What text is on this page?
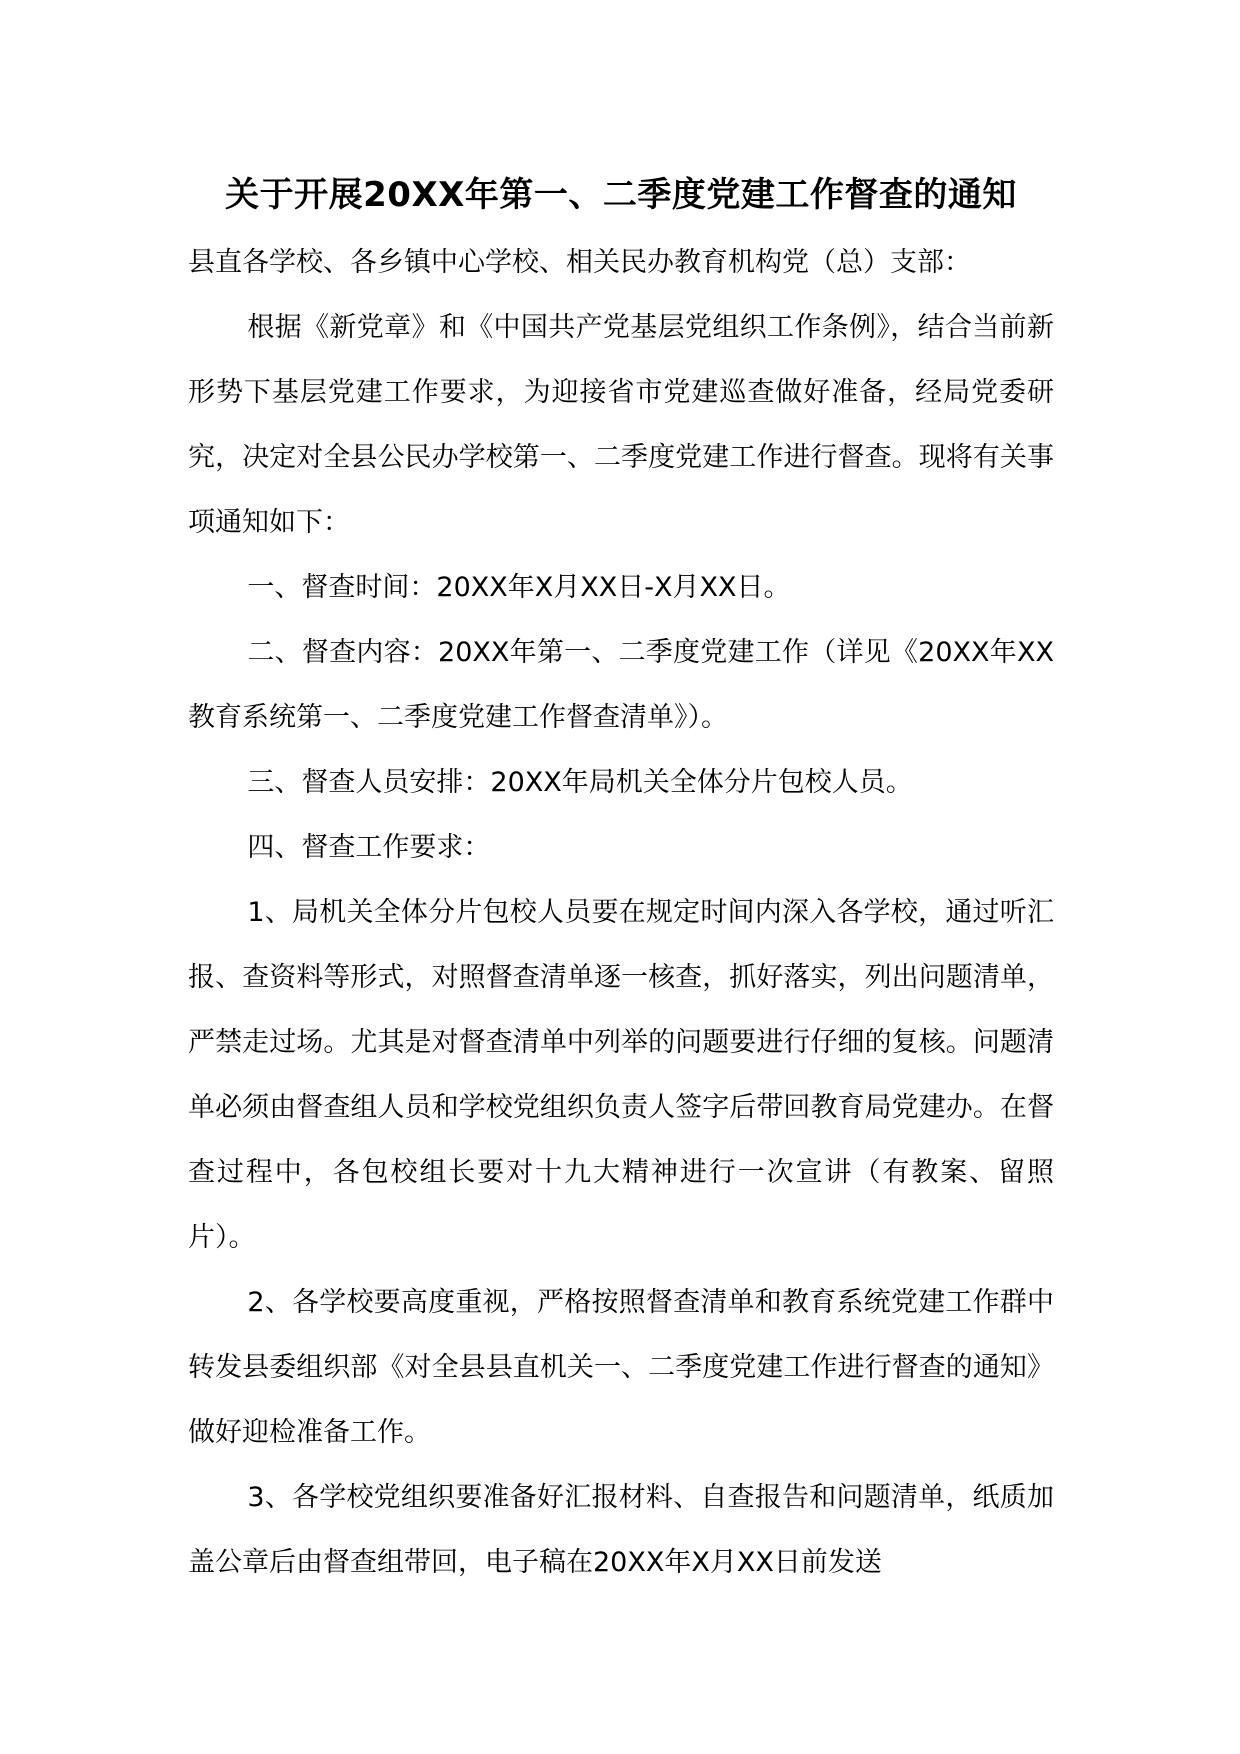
关于开展20XX年第一、二季度党建工作督查的通知

县直各学校、各乡镇中心学校、相关民办教育机构党（总）支部：

根据《新党章》和《中国共产党基层党组织工作条例》，结合当前新形势下基层党建工作要求，为迎接省市党建巡查做好准备，经局党委研究，决定对全县公民办学校第一、二季度党建工作进行督查。现将有关事项通知如下：

一、督查时间：20XX年X月XX日-X月XX日。

二、督查内容：20XX年第一、二季度党建工作（详见《20XX年XX教育系统第一、二季度党建工作督查清单》）。

三、督查人员安排：20XX年局机关全体分片包校人员。

四、督查工作要求：

1、局机关全体分片包校人员要在规定时间内深入各学校，通过听汇报、查资料等形式，对照督查清单逐一核查，抓好落实，列出问题清单，严禁走过场。尤其是对督查清单中列举的问题要进行仔细的复核。问题清单必须由督查组人员和学校党组织负责人签字后带回教育局党建办。在督查过程中，各包校组长要对十九大精神进行一次宣讲（有教案、留照片）。

2、各学校要高度重视，严格按照督查清单和教育系统党建工作群中转发县委组织部《对全县县直机关一、二季度党建工作进行督查的通知》做好迎检准备工作。

3、各学校党组织要准备好汇报材料、自查报告和问题清单，纸质加盖公章后由督查组带回，电子稿在20XX年X月XX日前发送
